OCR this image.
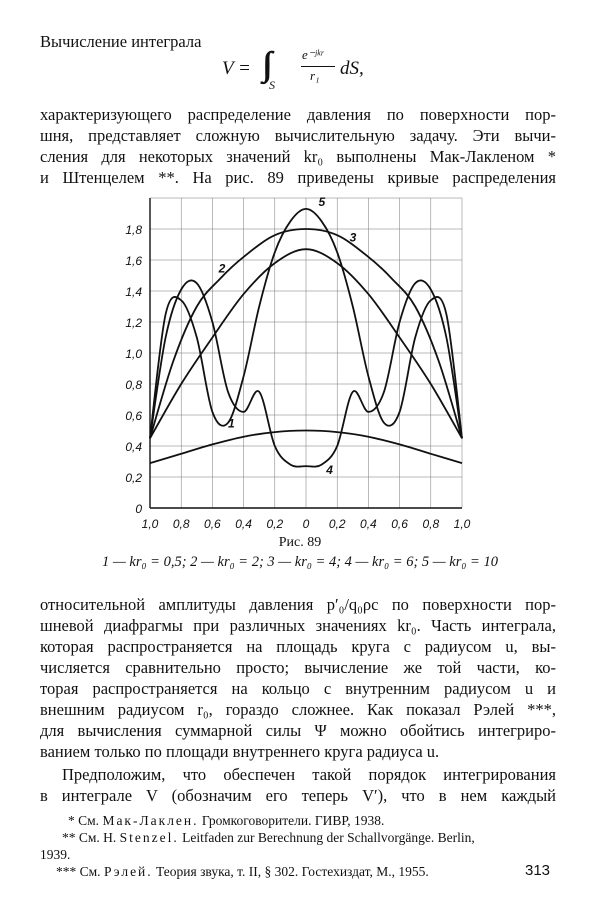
Вычисление интеграла
V = ∫∫
S
e⁻ʲᵏʳ
r₁ dS,
характеризующего распределение давления по поверхности пор-
шня, представляет сложную вычислительную задачу. Эти вычи-
сления для некоторых значений kr₀ выполнены Мак-Лакленом *
и Штенцелем **. На рис. 89 приведены кривые распределения
0
0,2
0,4
0,6
0,8
1,0
1,2
1,4
1,6
1,8
1,0 0,8 0,6 0,4 0,2 0 0,2 0,4 0,6 0,8 1,0
1
2
3
4
5
Рис. 89
1 — kr₀ = 0,5; 2 — kr₀ = 2; 3 — kr₀ = 4; 4 — kr₀ = 6; 5 — kr₀ = 10
относительной амплитуды давления p′₀/q₀ρc по поверхности пор-
шневой диафрагмы при различных значениях kr₀. Часть интеграла,
которая распространяется на площадь круга с радиусом u, вы-
числяется сравнительно просто; вычисление же той части, ко-
торая распространяется на кольцо с внутренним радиусом u и
внешним радиусом r₀, гораздо сложнее. Как показал Рэлей ***,
для вычисления суммарной силы Ψ можно обойтись интегриро-
ванием только по площади внутреннего круга радиуса u.
Предположим, что обеспечен такой порядок интегрирования
в интеграле V (обозначим его теперь V′), что в нем каждый
* См. Мак-Лаклен. Громкоговорители. ГИВР, 1938.
** См. Н. Stenzel. Leitfaden zur Berechnung der Schallvorgänge. Berlin,
1939.
*** См. Рэлей. Теория звука, т. II, § 302. Гостехиздат, М., 1955.	313
